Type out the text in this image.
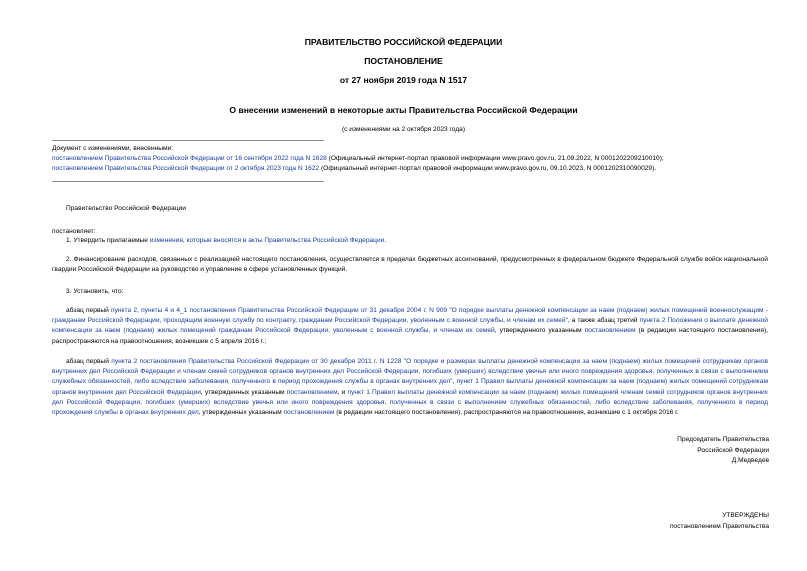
ПРАВИТЕЛЬСТВО РОССИЙСКОЙ ФЕДЕРАЦИИ
ПОСТАНОВЛЕНИЕ
от 27 ноября 2019 года N 1517
О внесении изменений в некоторые акты Правительства Российской Федерации
(с изменениями на 2 октября 2023 года)
Документ с изменениями, внесенными:
постановлением Правительства Российской Федерации от 16 сентября 2022 года N 1628 (Официальный интернет-портал правовой информации www.pravo.gov.ru, 21.09.2022, N 0001202209210010);
постановлением Правительства Российской Федерации от 2 октября 2023 года N 1622 (Официальный интернет-портал правовой информации www.pravo.gov.ru, 09.10.2023, N 0001202310090029).
Правительство Российской Федерации
постановляет:
1. Утвердить прилагаемые изменения, которые вносятся в акты Правительства Российской Федерации.
2. Финансирование расходов, связанных с реализацией настоящего постановления, осуществляется в пределах бюджетных ассигнований, предусмотренных в федеральном бюджете Федеральной службе войск национальной гвардии Российской Федерации на руководство и управление в сфере установленных функций.
3. Установить, что:
абзац первый пункта 2, пункты 4 и 4_1 постановления Правительства Российской Федерации от 31 декабря 2004 г. N 909 "О порядке выплаты денежной компенсации за наем (поднаем) жилых помещений военнослужащим - гражданам Российской Федерации, проходящим военную службу по контракту, гражданам Российской Федерации, уволенным с военной службы, и членам их семей", а также абзац третий пункта 2 Положения о выплате денежной компенсации за наем (поднаем) жилых помещений гражданам Российской Федерации, уволенным с военной службы, и членам их семей, утвержденного указанным постановлением (в редакции настоящего постановления), распространяются на правоотношения, возникшие с 5 апреля 2016 г.;
абзац первый пункта 2 постановления Правительства Российской Федерации от 30 декабря 2011 г. N 1228 "О порядке и размерах выплаты денежной компенсации за наем (поднаем) жилых помещений сотрудникам органов внутренних дел Российской Федерации и членам семей сотрудников органов внутренних дел Российской Федерации, погибших (умерших) вследствие увечья или иного повреждения здоровья, полученных в связи с выполнением служебных обязанностей, либо вследствие заболевания, полученного в период прохождения службы в органах внутренних дел", пункт 1 Правил выплаты денежной компенсации за наем (поднаем) жилых помещений сотрудникам органов внутренних дел Российской Федерации, утвержденных указанным постановлением, и пункт 1 Правил выплаты денежной компенсации за наем (поднаем) жилых помещений членам семей сотрудников органов внутренних дел Российской Федерации, погибших (умерших) вследствие увечья или иного повреждения здоровья, полученных в связи с выполнением служебных обязанностей, либо вследствие заболевания, полученного в период прохождения службы в органах внутренних дел, утвержденных указанным постановлением (в редакции настоящего постановления), распространяются на правоотношения, возникшие с 1 октября 2016 г.
Председатель Правительства
Российской Федерации
Д.Медведев
УТВЕРЖДЕНЫ
постановлением Правительства
